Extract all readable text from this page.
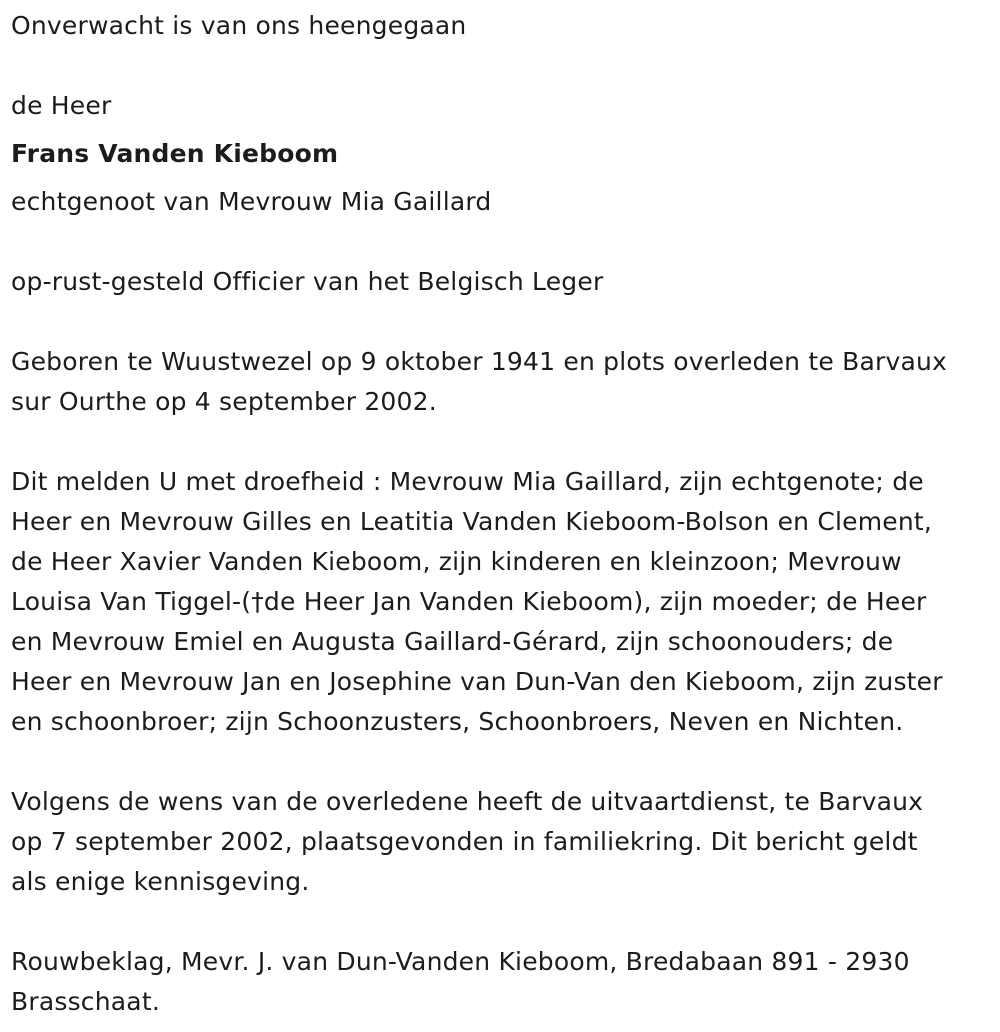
Onverwacht is van ons heengegaan

de Heer

Frans Vanden Kieboom

echtgenoot van Mevrouw Mia Gaillard

op-rust-gesteld Officier van het Belgisch Leger

Geboren te Wuustwezel op 9 oktober 1941 en plots overleden te Barvaux

sur Ourthe op 4 september 2002.

Dit melden U met droefheid : Mevrouw Mia Gaillard, zijn echtgenote; de

Heer en Mevrouw Gilles en Leatitia Vanden Kieboom-Bolson en Clement,

de Heer Xavier Vanden Kieboom, zijn kinderen en kleinzoon; Mevrouw

Louisa Van Tiggel-(†de Heer Jan Vanden Kieboom), zijn moeder; de Heer

en Mevrouw Emiel en Augusta Gaillard-Gérard, zijn schoonouders; de

Heer en Mevrouw Jan en Josephine van Dun-Van den Kieboom, zijn zuster

en schoonbroer; zijn Schoonzusters, Schoonbroers, Neven en Nichten.

Volgens de wens van de overledene heeft de uitvaartdienst, te Barvaux

op 7 september 2002, plaatsgevonden in familiekring. Dit bericht geldt

als enige kennisgeving.

Rouwbeklag, Mevr. J. van Dun-Vanden Kieboom, Bredabaan 891 - 2930

Brasschaat.
